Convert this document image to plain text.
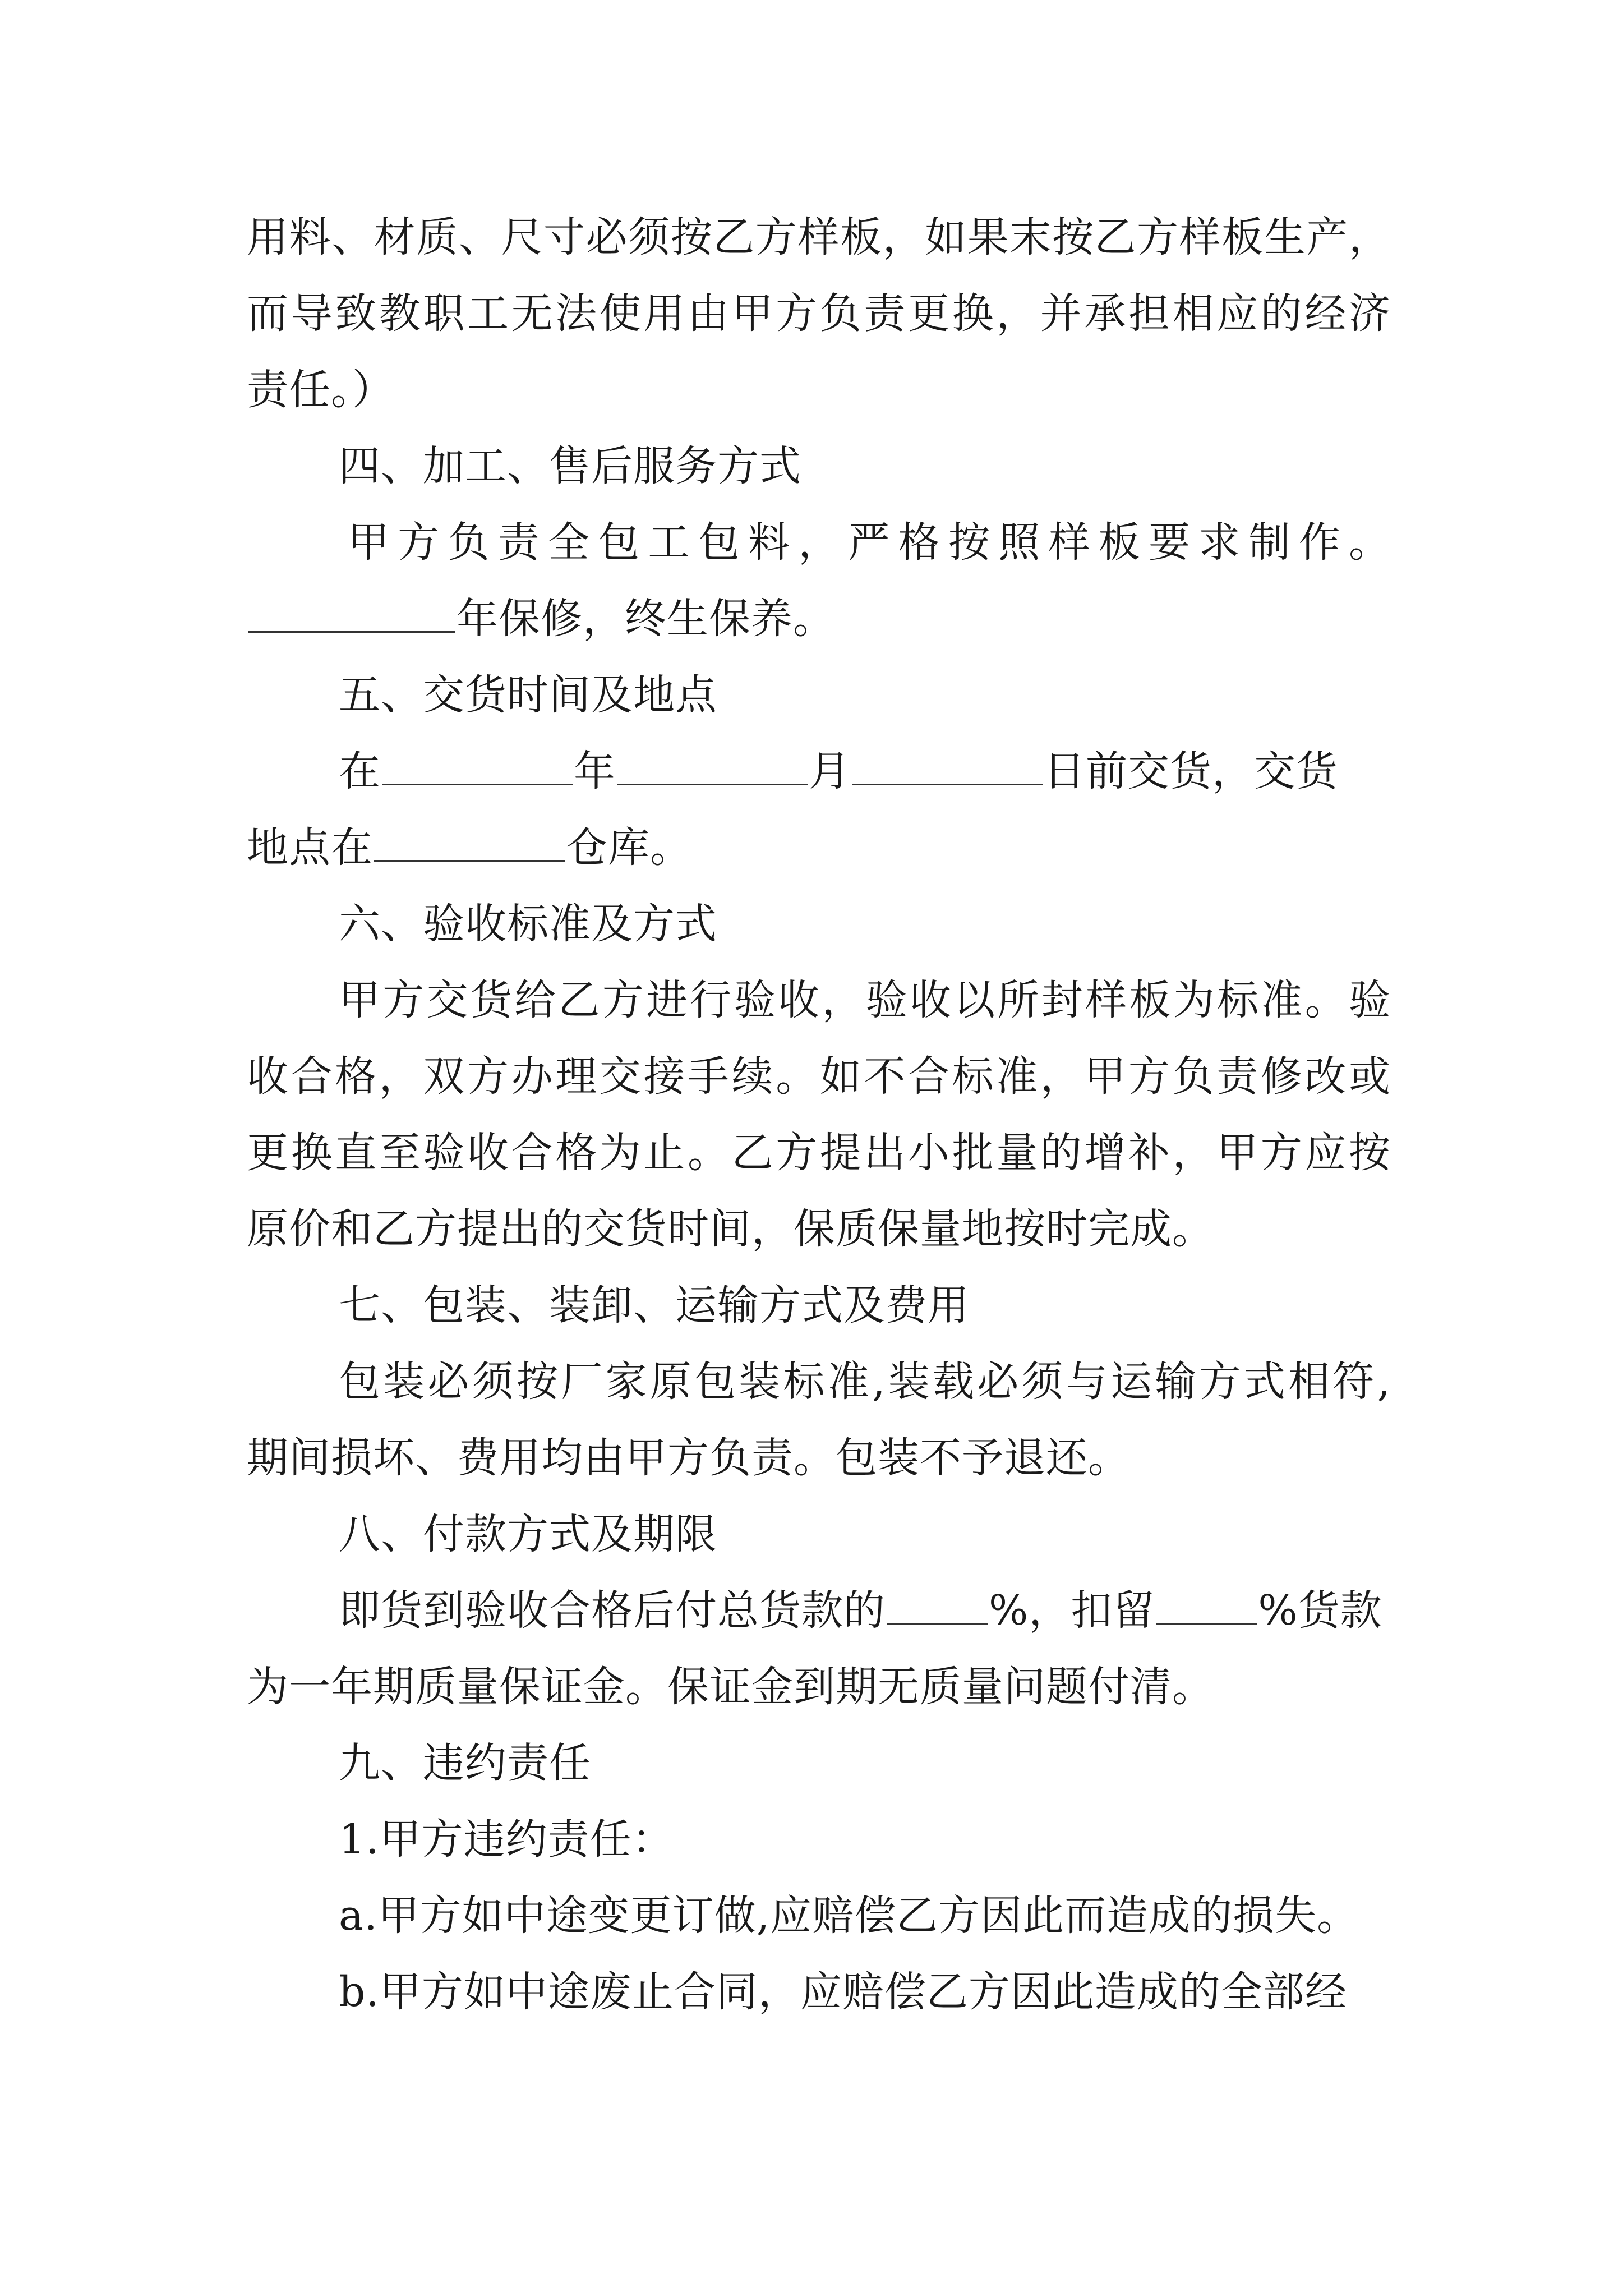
用料、材质、尺寸必须按乙方样板，如果末按乙方样板生产，
而导致教职工无法使用由甲方负责更换，并承担相应的经济
责任。）
四、加工、售后服务方式
甲方负责全包工包料，严格按照样板要求制作。
年保修，终生保养。
五、交货时间及地点
在	年	月	日前交货，交货
地点在	仓库。
六、验收标准及方式
甲方交货给乙方进行验收，验收以所封样板为标准。验
收合格，双方办理交接手续。如不合标准，甲方负责修改或
更换直至验收合格为止。乙方提出小批量的增补，甲方应按
原价和乙方提出的交货时间，保质保量地按时完成。
七、包装、装卸、运输方式及费用
包装必须按厂家原包装标准,装载必须与运输方式相符,
期间损坏、费用均由甲方负责。包装不予退还。
八、付款方式及期限
即货到验收合格后付总货款的 %，扣留 %货款
为一年期质量保证金。保证金到期无质量问题付清。
九、违约责任
1.甲方违约责任：
a.甲方如中途变更订做,应赔偿乙方因此而造成的损失。
b.甲方如中途废止合同，应赔偿乙方因此造成的全部经
